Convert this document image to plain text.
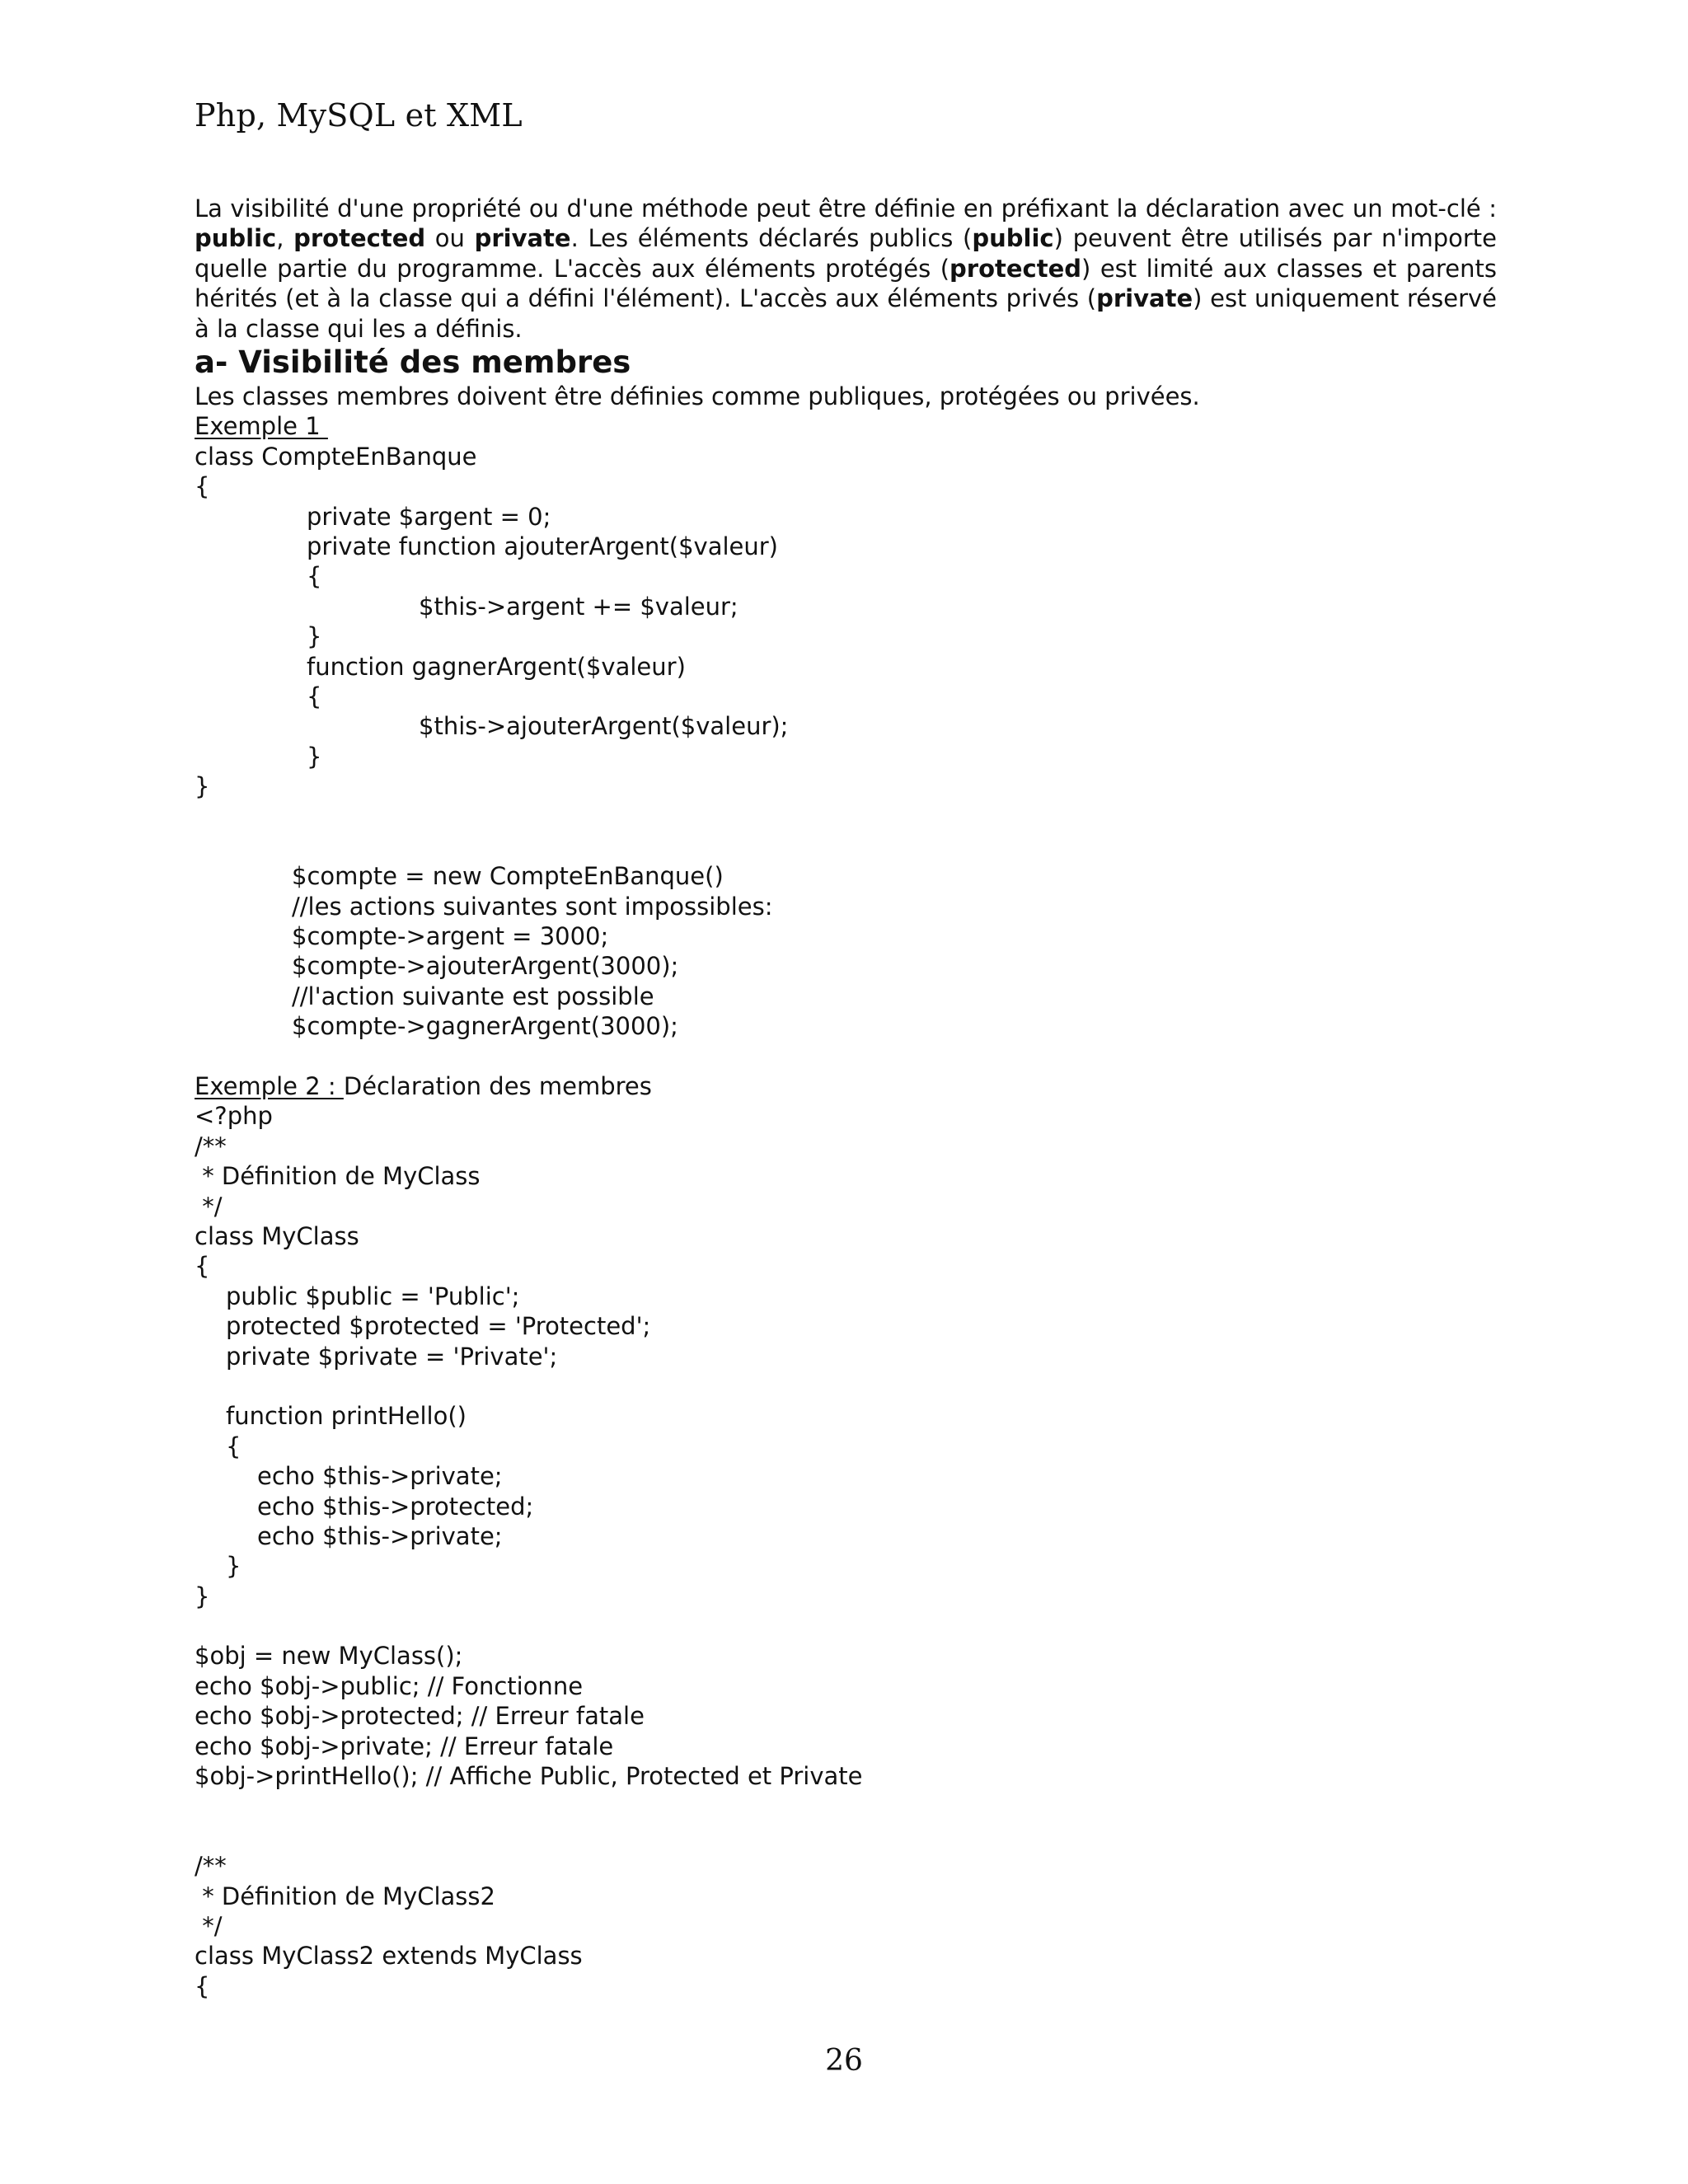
Php, MySQL et XML

La visibilité d'une propriété ou d'une méthode peut être définie en préfixant la déclaration avec un mot-clé : public, protected ou private. Les éléments déclarés publics (public) peuvent être utilisés par n'importe quelle partie du programme. L'accès aux éléments protégés (protected) est limité aux classes et parents hérités (et à la classe qui a défini l'élément). L'accès aux éléments privés (private) est uniquement réservé à la classe qui les a définis.

a- Visibilité des membres

Les classes membres doivent être définies comme publiques, protégées ou privées.

Exemple 1

class CompteEnBanque

{

private $argent = 0;

private function ajouterArgent($valeur)

{

$this->argent += $valeur;

}

function gagnerArgent($valeur)

{

$this->ajouterArgent($valeur);

}

}

$compte = new CompteEnBanque()

//les actions suivantes sont impossibles:

$compte->argent = 3000;

$compte->ajouterArgent(3000);

//l'action suivante est possible

$compte->gagnerArgent(3000);

Exemple 2 : Déclaration des membres

<?php

/**

* Définition de MyClass

*/

class MyClass

{

public $public = 'Public';

protected $protected = 'Protected';

private $private = 'Private';

function printHello()

{

echo $this->private;

echo $this->protected;

echo $this->private;

}

}

$obj = new MyClass();

echo $obj->public; // Fonctionne

echo $obj->protected; // Erreur fatale

echo $obj->private; // Erreur fatale

$obj->printHello(); // Affiche Public, Protected et Private

/**

* Définition de MyClass2

*/

class MyClass2 extends MyClass

{

26
